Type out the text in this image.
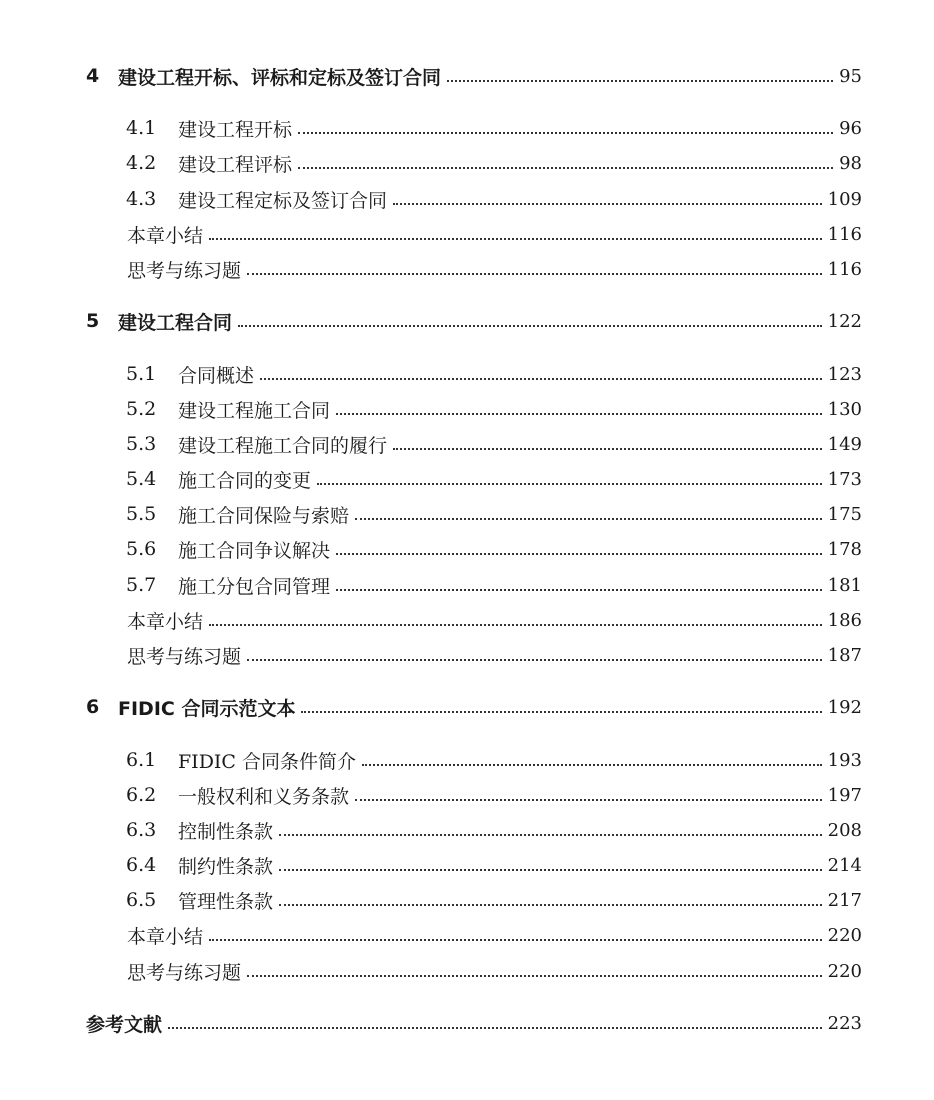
4 建设工程开标、评标和定标及签订合同	95
4.1 建设工程开标	96
4.2 建设工程评标	98
4.3 建设工程定标及签订合同	109
本章小结	116
思考与练习题	116
5 建设工程合同	122
5.1 合同概述	123
5.2 建设工程施工合同	130
5.3 建设工程施工合同的履行	149
5.4 施工合同的变更	173
5.5 施工合同保险与索赔	175
5.6 施工合同争议解决	178
5.7 施工分包合同管理	181
本章小结	186
思考与练习题	187
6 FIDIC 合同示范文本	192
6.1 FIDIC 合同条件简介	193
6.2 一般权利和义务条款	197
6.3 控制性条款	208
6.4 制约性条款	214
6.5 管理性条款	217
本章小结	220
思考与练习题	220
参考文献	223
